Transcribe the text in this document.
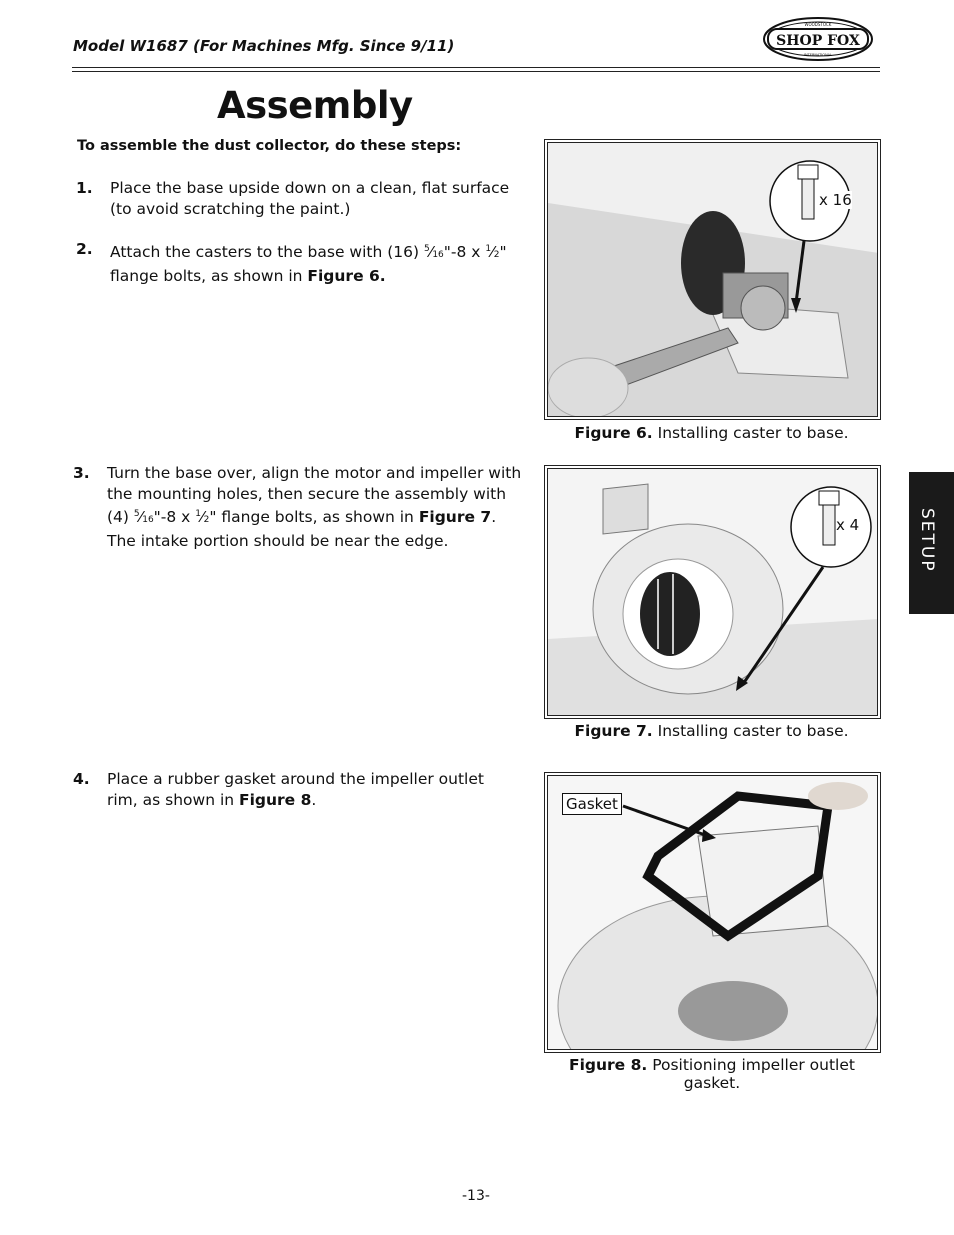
Model W1687 (For Machines Mfg. Since 9/11)	SHOP FOX
WOODSTOCK
INTERNATIONAL
Assembly
To assemble the dust collector, do these steps:
1. Place the base upside down on a clean, flat surface (to avoid scratching the paint.)
2. Attach the casters to the base with (16) $^5$⁄16"-8 x $^1$⁄2" flange bolts, as shown in Figure 6.
3. Turn the base over, align the motor and impeller with the mounting holes, then secure the assembly with (4) $^5$⁄16"-8 x $^1$⁄2" flange bolts, as shown in Figure 7. The intake portion should be near the edge.
4. Place a rubber gasket around the impeller outlet rim, as shown in Figure 8.
x 16
Figure 6. Installing caster to base.
x 4
Figure 7. Installing caster to base.
Gasket
Figure 8. Positioning impeller outlet gasket.
SETUP
-13-
